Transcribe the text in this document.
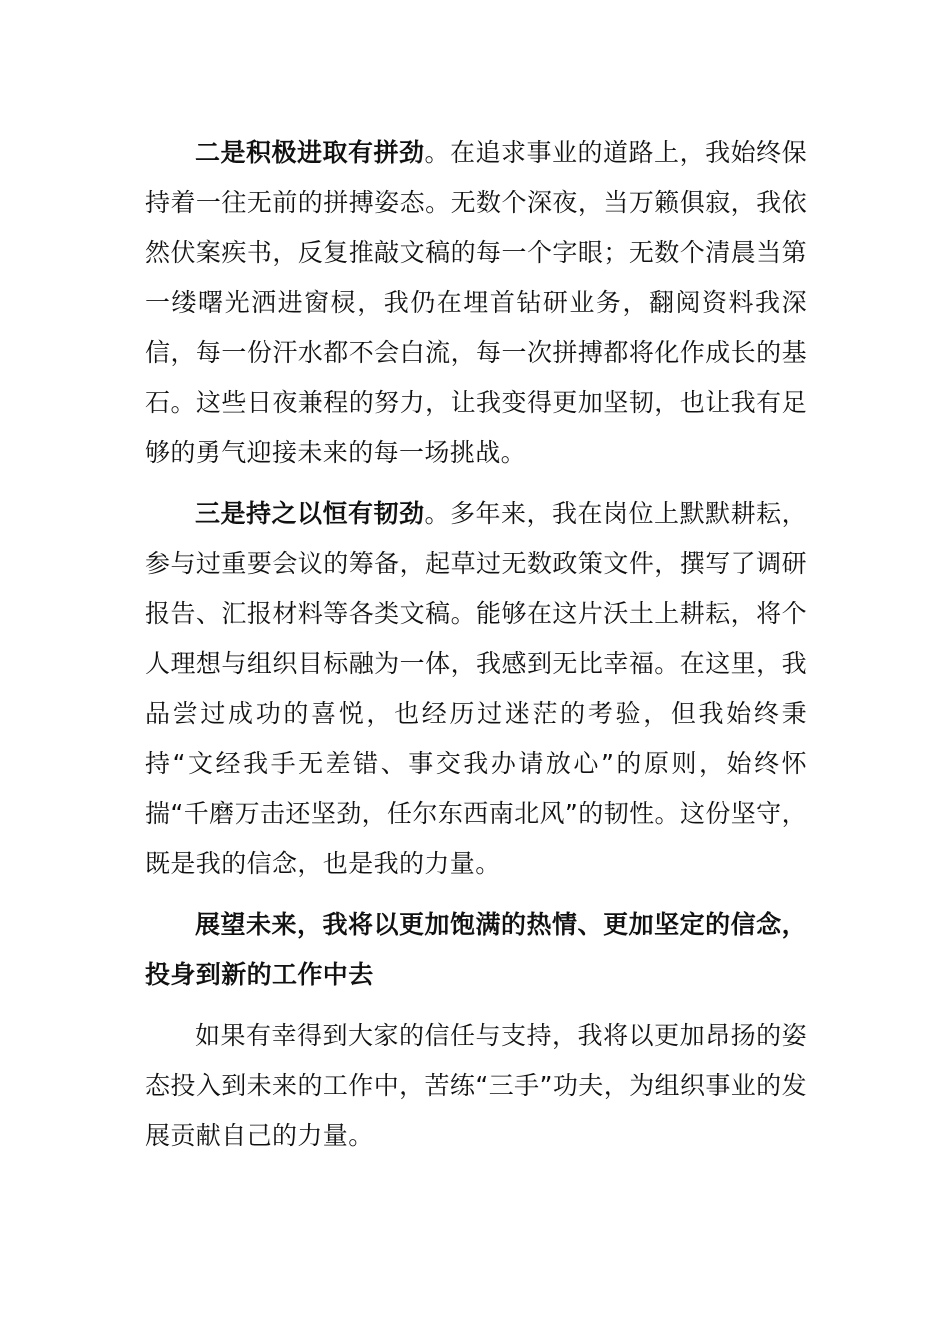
二是积极进取有拼劲。在追求事业的道路上，我始终保持着一往无前的拼搏姿态。无数个深夜，当万籁俱寂，我依然伏案疾书，反复推敲文稿的每一个字眼；无数个清晨当第一缕曙光洒进窗棂，我仍在埋首钻研业务，翻阅资料我深信，每一份汗水都不会白流，每一次拼搏都将化作成长的基石。这些日夜兼程的努力，让我变得更加坚韧，也让我有足够的勇气迎接未来的每一场挑战。

三是持之以恒有韧劲。多年来，我在岗位上默默耕耘，参与过重要会议的筹备，起草过无数政策文件，撰写了调研报告、汇报材料等各类文稿。能够在这片沃土上耕耘，将个人理想与组织目标融为一体，我感到无比幸福。在这里，我品尝过成功的喜悦，也经历过迷茫的考验，但我始终秉持“文经我手无差错、事交我办请放心”的原则，始终怀揣“千磨万击还坚劲，任尔东西南北风”的韧性。这份坚守，既是我的信念，也是我的力量。

展望未来，我将以更加饱满的热情、更加坚定的信念，投身到新的工作中去

如果有幸得到大家的信任与支持，我将以更加昂扬的姿态投入到未来的工作中，苦练“三手”功夫，为组织事业的发展贡献自己的力量。
